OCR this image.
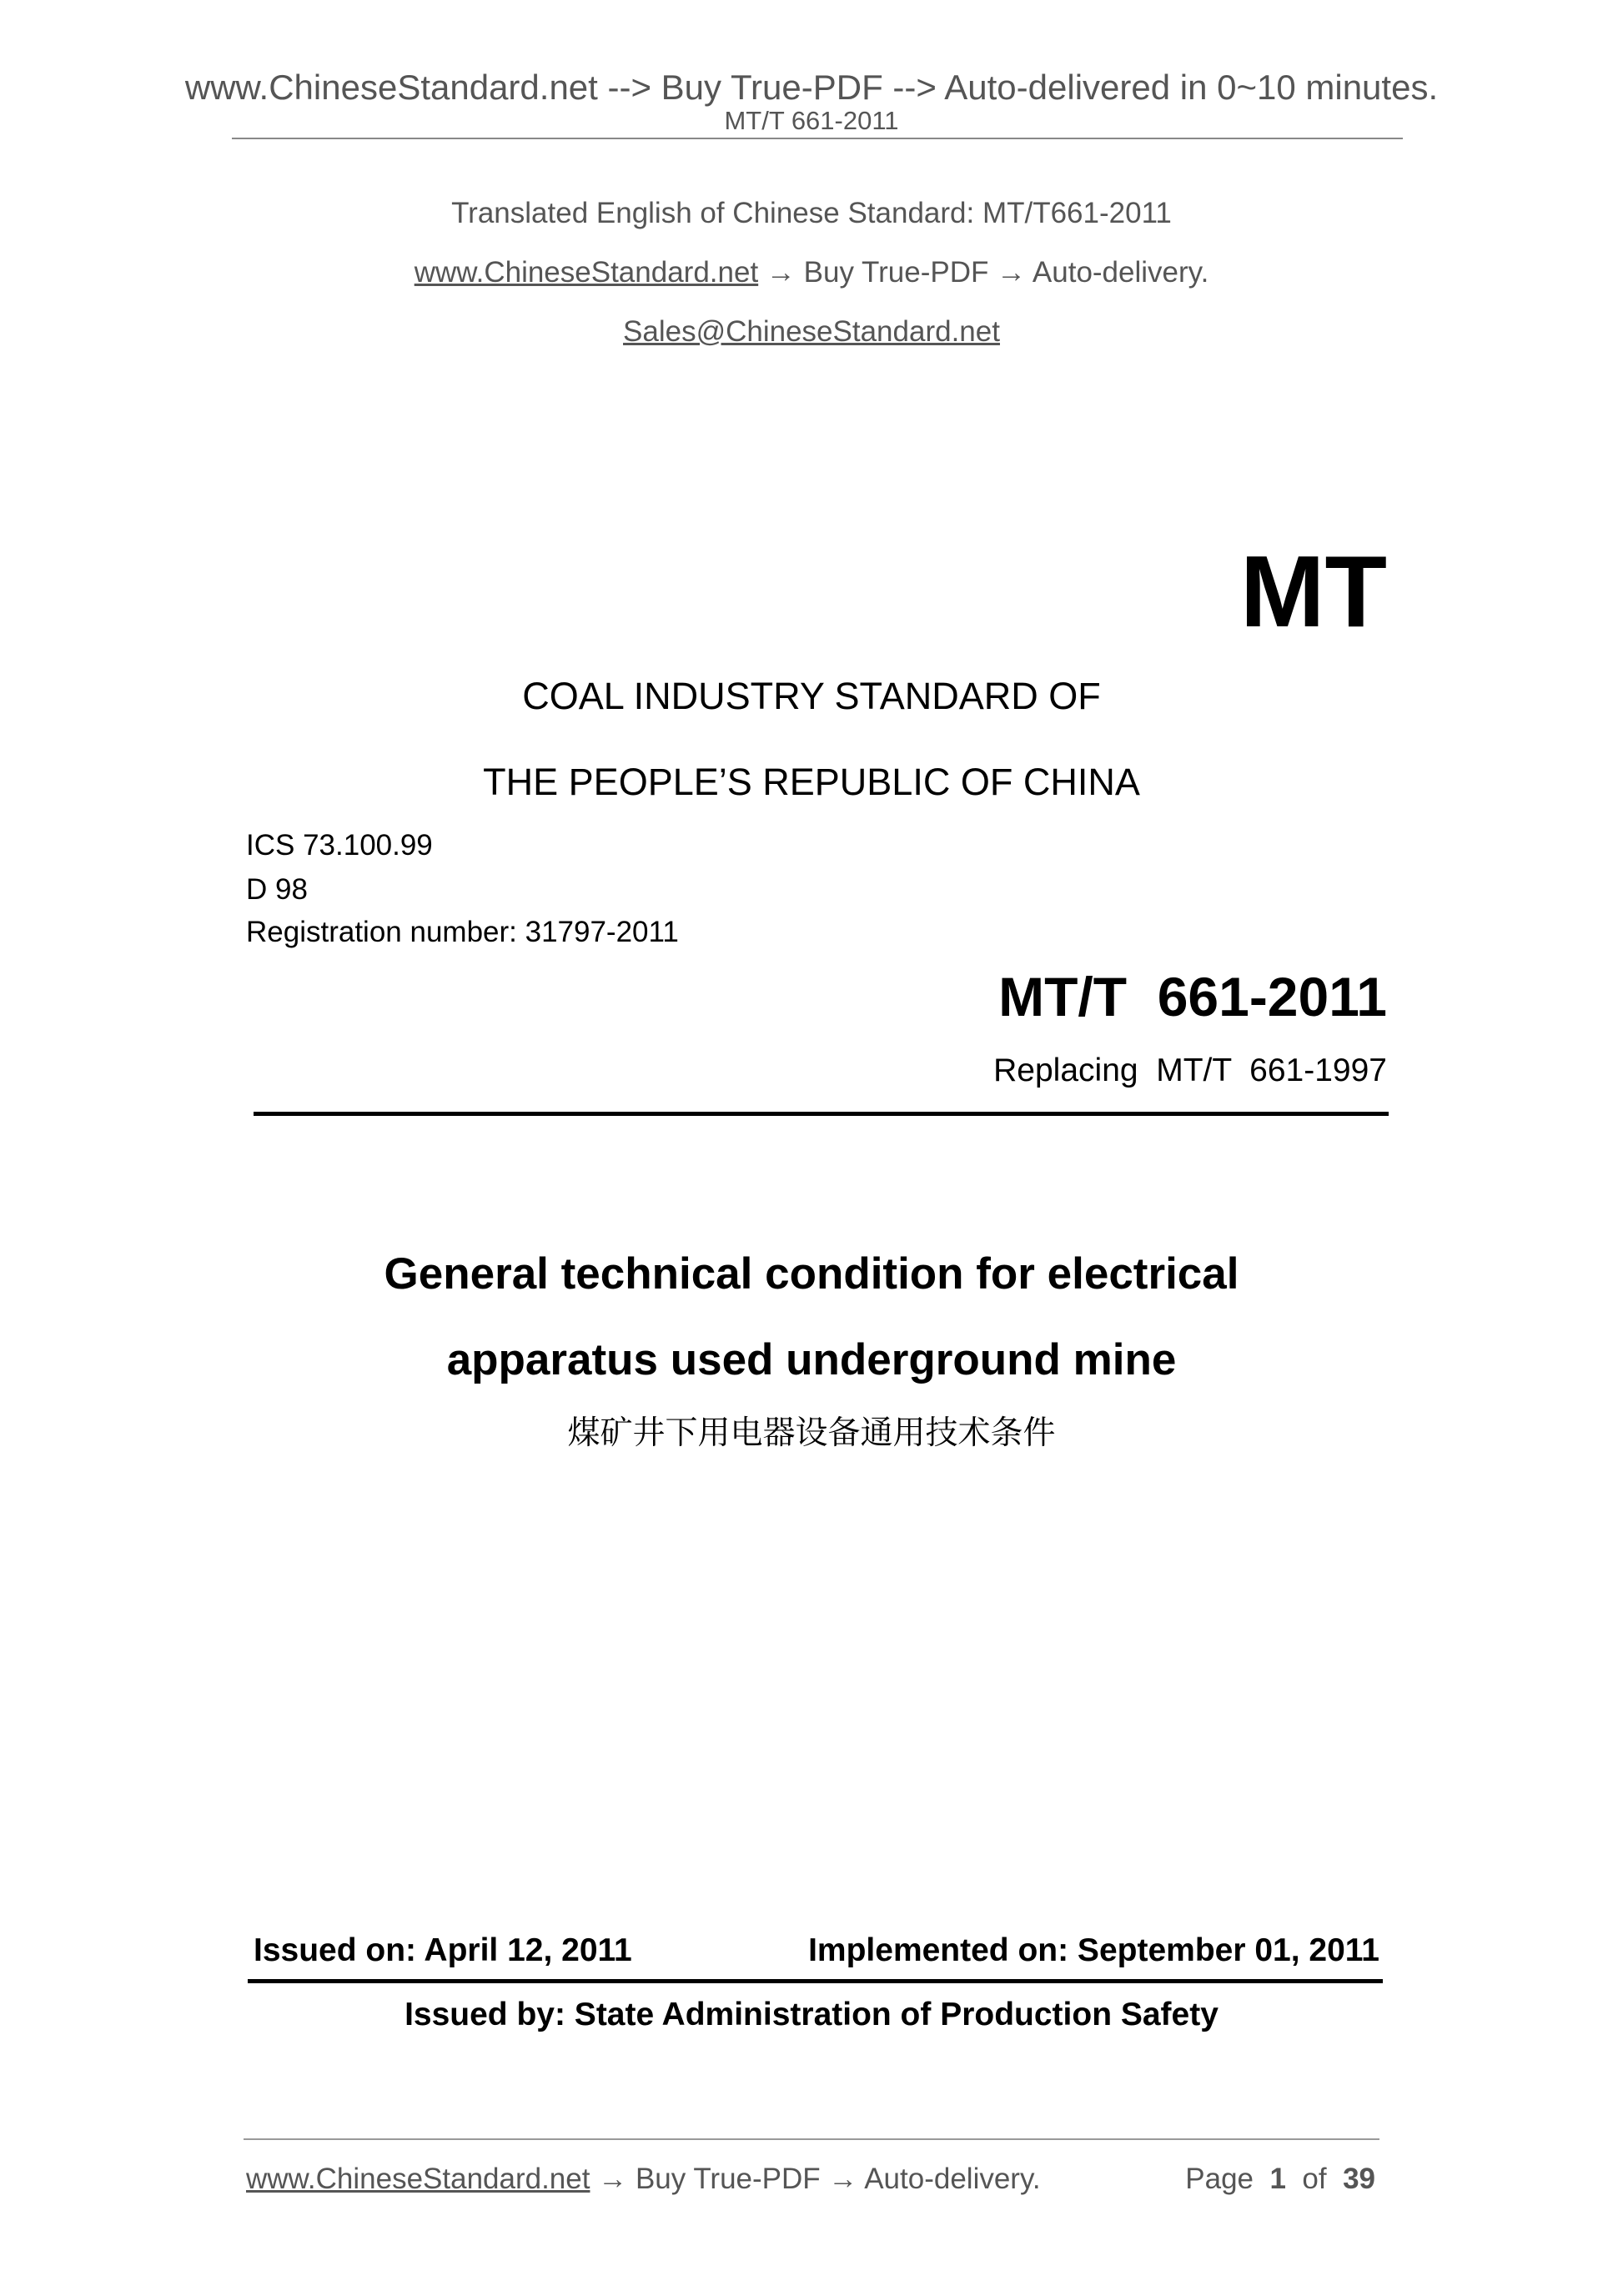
www.ChineseStandard.net --> Buy True-PDF --> Auto-delivered in 0~10 minutes.
MT/T 661-2011
Translated English of Chinese Standard: MT/T661-2011
www.ChineseStandard.net → Buy True-PDF → Auto-delivery.
Sales@ChineseStandard.net
MT
COAL INDUSTRY STANDARD OF
THE PEOPLE’S REPUBLIC OF CHINA
ICS 73.100.99
D 98
Registration number: 31797-2011
MT/T  661-2011
Replacing  MT/T  661-1997
General technical condition for electrical
apparatus used underground mine
煤矿井下用电器设备通用技术条件
Issued on: April 12, 2011	Implemented on: September 01, 2011
Issued by: State Administration of Production Safety
www.ChineseStandard.net → Buy True-PDF → Auto-delivery.	Page 1 of 39
